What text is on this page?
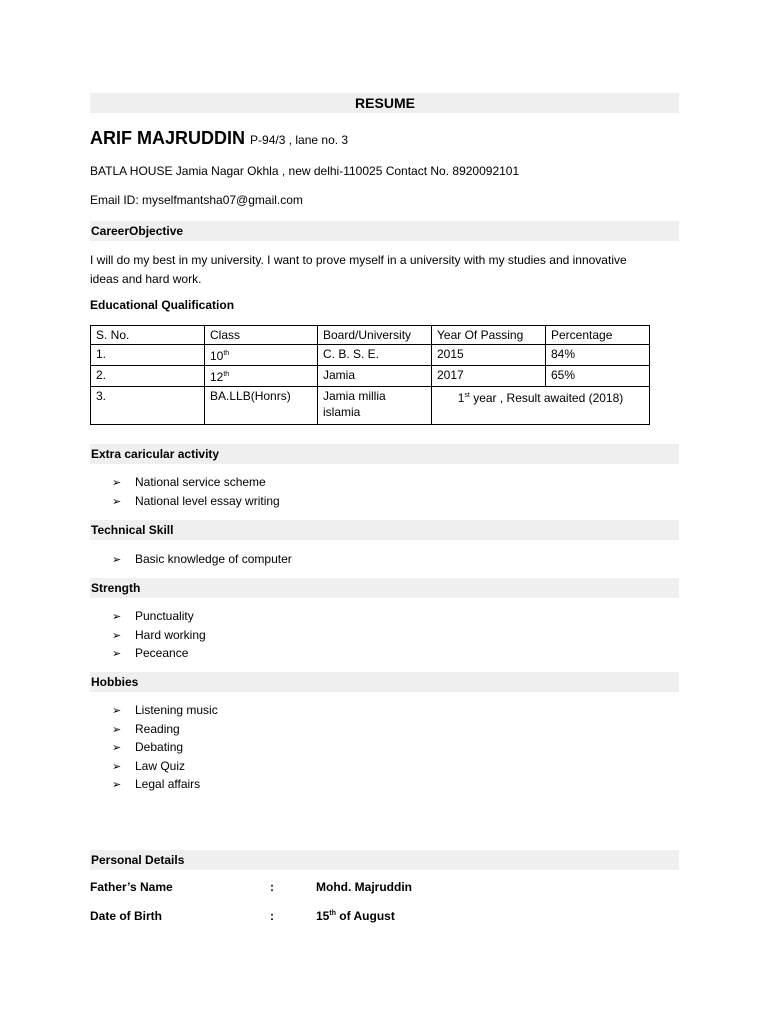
RESUME
ARIF MAJRUDDIN P-94/3 , lane no. 3
BATLA HOUSE Jamia Nagar Okhla , new delhi-110025 Contact No. 8920092101
Email ID: myselfmantsha07@gmail.com
CareerObjective
I will do my best in my university. I want to prove myself in a university with my studies and innovative
ideas and hard work.
Educational Qualification
S. No.	Class	Board/University	Year Of Passing	Percentage
1.	10th	C. B. S. E.	2015	84%
2.	12th	Jamia	2017	65%
3.	BA.LLB(Honrs)	Jamia millia islamia	1st year , Result awaited (2018)	
Extra caricular activity
➢ National service scheme
➢ National level essay writing
Technical Skill
➢ Basic knowledge of computer
Strength
➢ Punctuality
➢ Hard working
➢ Peceance
Hobbies
➢ Listening music
➢ Reading
➢ Debating
➢ Law Quiz
➢ Legal affairs
Personal Details
Father’s Name	:	Mohd. Majruddin
Date of Birth	:	15th of August
